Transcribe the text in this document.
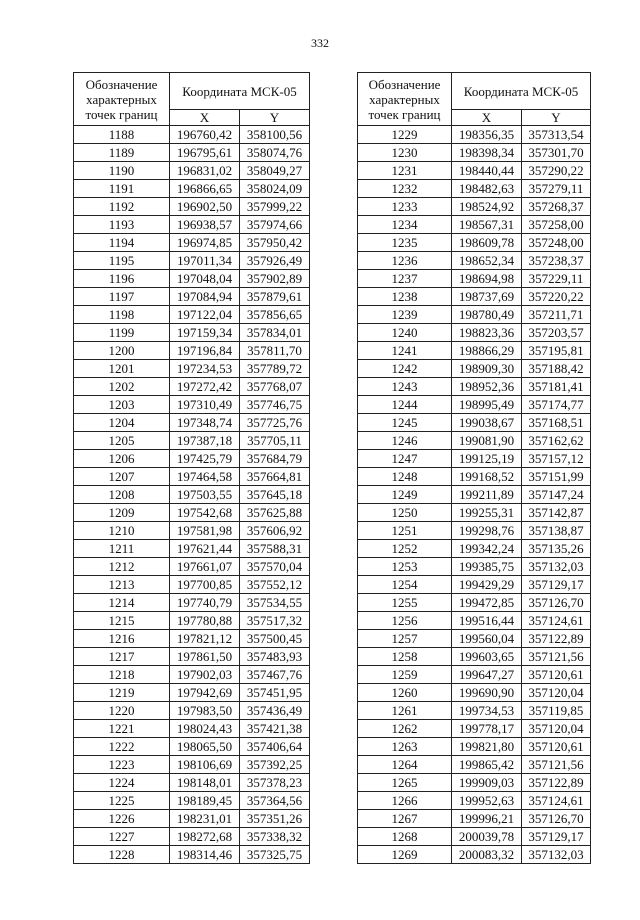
332
Обозначение характерных точек границ	Координата МСК-05	
	X	Y
1188	196760,42	358100,56
1189	196795,61	358074,76
1190	196831,02	358049,27
1191	196866,65	358024,09
1192	196902,50	357999,22
1193	196938,57	357974,66
1194	196974,85	357950,42
1195	197011,34	357926,49
1196	197048,04	357902,89
1197	197084,94	357879,61
1198	197122,04	357856,65
1199	197159,34	357834,01
1200	197196,84	357811,70
1201	197234,53	357789,72
1202	197272,42	357768,07
1203	197310,49	357746,75
1204	197348,74	357725,76
1205	197387,18	357705,11
1206	197425,79	357684,79
1207	197464,58	357664,81
1208	197503,55	357645,18
1209	197542,68	357625,88
1210	197581,98	357606,92
1211	197621,44	357588,31
1212	197661,07	357570,04
1213	197700,85	357552,12
1214	197740,79	357534,55
1215	197780,88	357517,32
1216	197821,12	357500,45
1217	197861,50	357483,93
1218	197902,03	357467,76
1219	197942,69	357451,95
1220	197983,50	357436,49
1221	198024,43	357421,38
1222	198065,50	357406,64
1223	198106,69	357392,25
1224	198148,01	357378,23
1225	198189,45	357364,56
1226	198231,01	357351,26
1227	198272,68	357338,32
1228	198314,46	357325,75
Обозначение характерных точек границ	Координата МСК-05	
	X	Y
1229	198356,35	357313,54
1230	198398,34	357301,70
1231	198440,44	357290,22
1232	198482,63	357279,11
1233	198524,92	357268,37
1234	198567,31	357258,00
1235	198609,78	357248,00
1236	198652,34	357238,37
1237	198694,98	357229,11
1238	198737,69	357220,22
1239	198780,49	357211,71
1240	198823,36	357203,57
1241	198866,29	357195,81
1242	198909,30	357188,42
1243	198952,36	357181,41
1244	198995,49	357174,77
1245	199038,67	357168,51
1246	199081,90	357162,62
1247	199125,19	357157,12
1248	199168,52	357151,99
1249	199211,89	357147,24
1250	199255,31	357142,87
1251	199298,76	357138,87
1252	199342,24	357135,26
1253	199385,75	357132,03
1254	199429,29	357129,17
1255	199472,85	357126,70
1256	199516,44	357124,61
1257	199560,04	357122,89
1258	199603,65	357121,56
1259	199647,27	357120,61
1260	199690,90	357120,04
1261	199734,53	357119,85
1262	199778,17	357120,04
1263	199821,80	357120,61
1264	199865,42	357121,56
1265	199909,03	357122,89
1266	199952,63	357124,61
1267	199996,21	357126,70
1268	200039,78	357129,17
1269	200083,32	357132,03
